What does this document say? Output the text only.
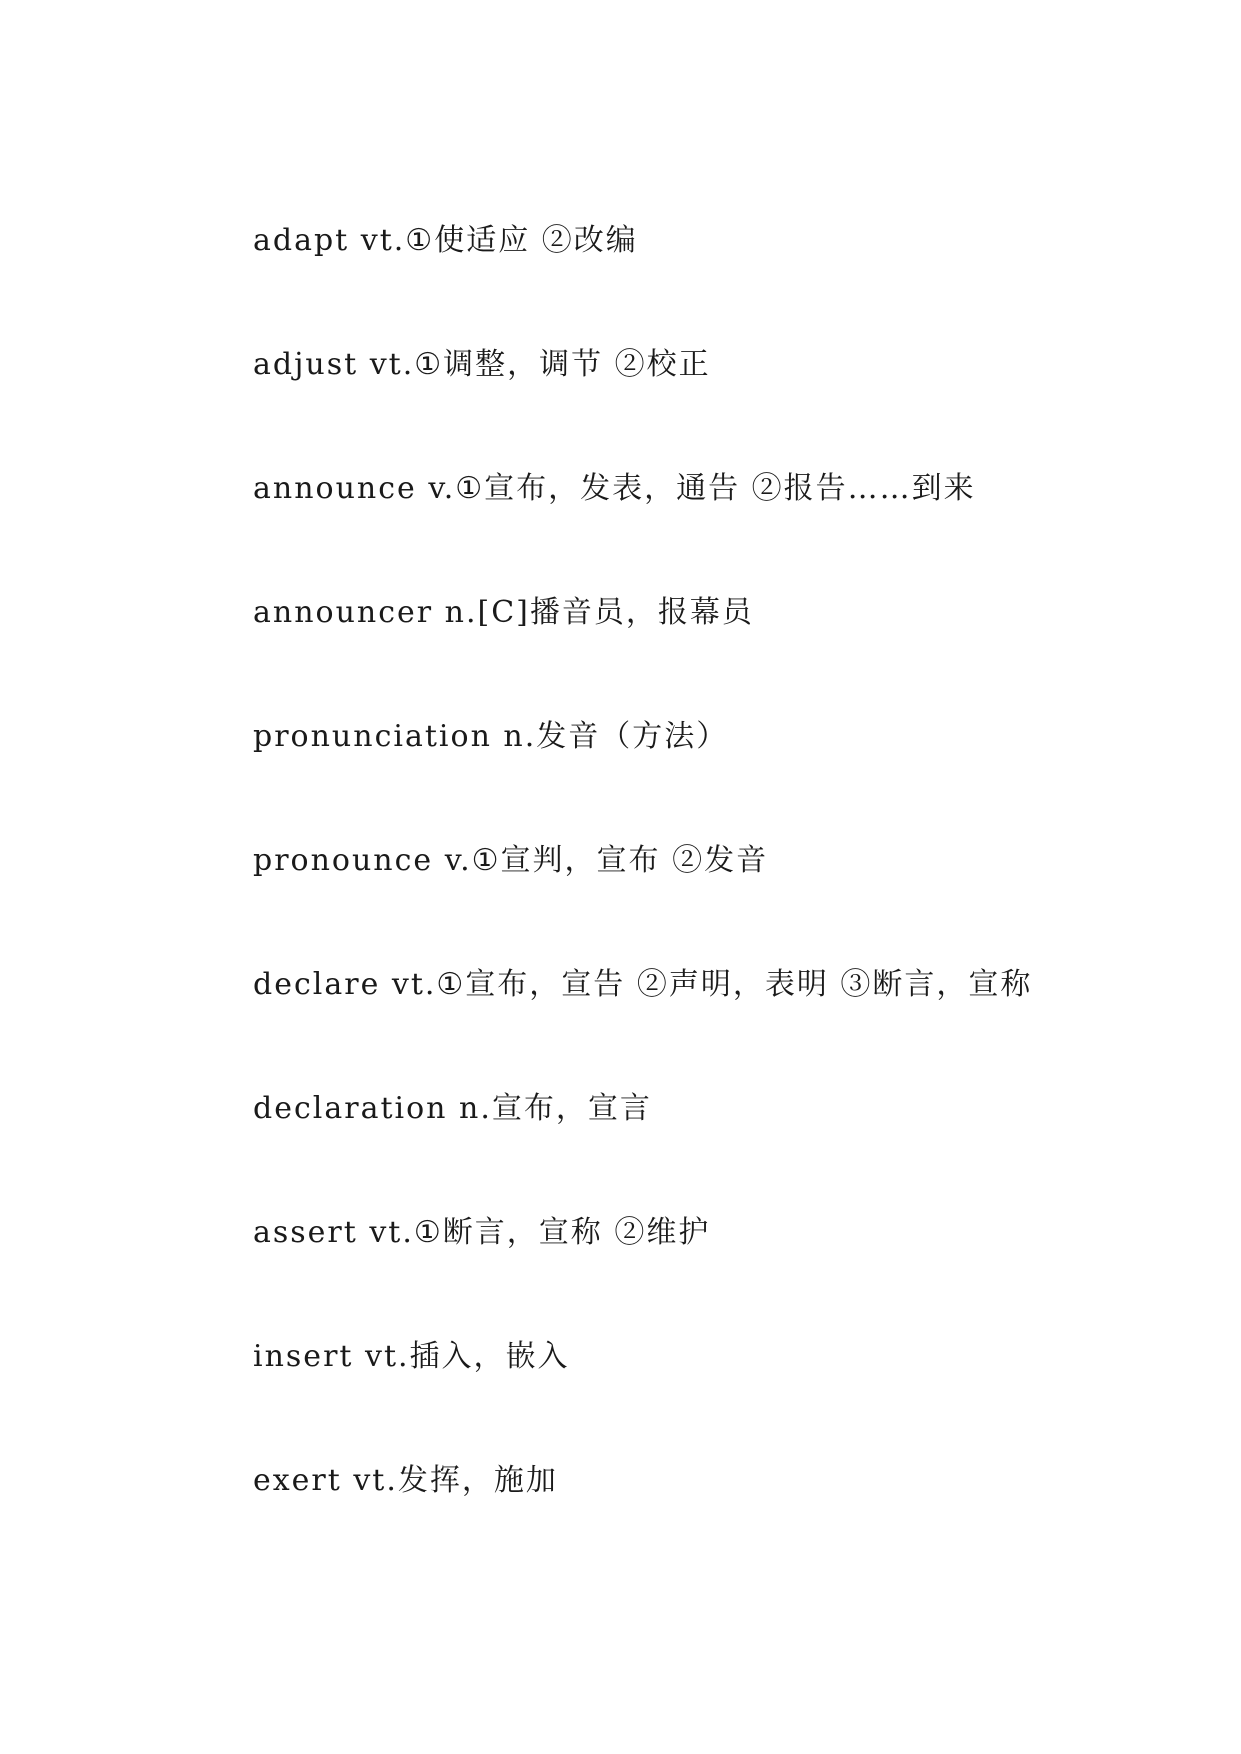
adapt vt.①使适应 ②改编
adjust vt.①调整，调节 ②校正
announce v.①宣布，发表，通告 ②报告……到来
announcer n.[C]播音员，报幕员
pronunciation n.发音（方法）
pronounce v.①宣判，宣布 ②发音
declare vt.①宣布，宣告 ②声明，表明 ③断言，宣称
declaration n.宣布，宣言
assert vt.①断言，宣称 ②维护
insert vt.插入，嵌入
exert vt.发挥，施加
